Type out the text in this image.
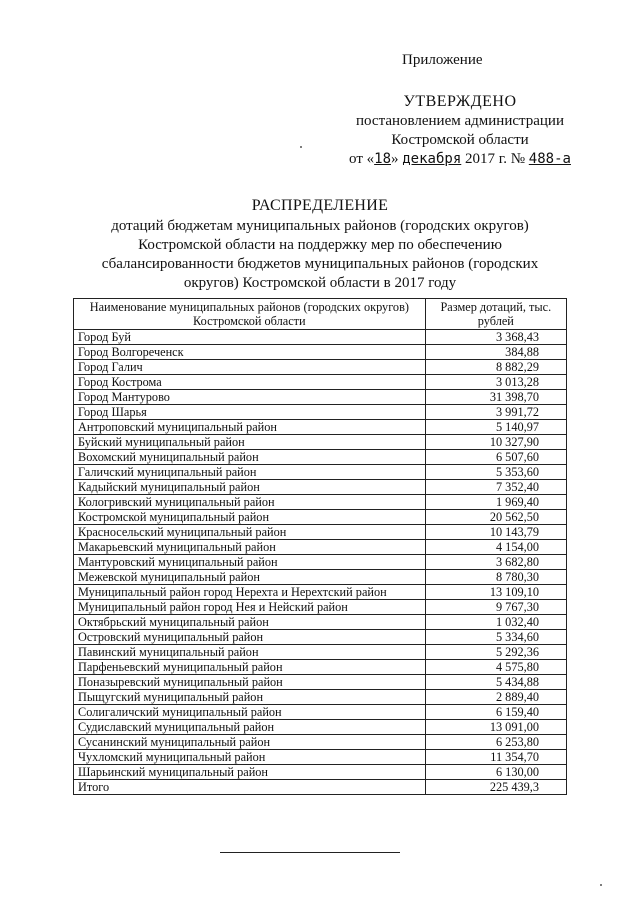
Приложение
УТВЕРЖДЕНО
постановлением администрации
Костромской области
от «18» декабря 2017 г. № 488-а
РАСПРЕДЕЛЕНИЕ
дотаций бюджетам муниципальных районов (городских округов)
Костромской области на поддержку мер по обеспечению
сбалансированности бюджетов муниципальных районов (городских
округов) Костромской области в 2017 году
Наименование муниципальных районов (городских округов) Костромской области	Размер дотаций, тыс. рублей
Город Буй	3 368,43
Город Волгореченск	384,88
Город Галич	8 882,29
Город Кострома	3 013,28
Город Мантурово	31 398,70
Город Шарья	3 991,72
Антроповский муниципальный район	5 140,97
Буйский муниципальный район	10 327,90
Вохомский муниципальный район	6 507,60
Галичский муниципальный район	5 353,60
Кадыйский муниципальный район	7 352,40
Кологривский муниципальный район	1 969,40
Костромской муниципальный район	20 562,50
Красносельский муниципальный район	10 143,79
Макарьевский муниципальный район	4 154,00
Мантуровский муниципальный район	3 682,80
Межевской муниципальный район	8 780,30
Муниципальный район город Нерехта и Нерехтский район	13 109,10
Муниципальный район город Нея и Нейский район	9 767,30
Октябрьский муниципальный район	1 032,40
Островский муниципальный район	5 334,60
Павинский муниципальный район	5 292,36
Парфеньевский муниципальный район	4 575,80
Поназыревский муниципальный район	5 434,88
Пыщугский муниципальный район	2 889,40
Солигаличский муниципальный район	6 159,40
Судиславский муниципальный район	13 091,00
Сусанинский муниципальный район	6 253,80
Чухломский муниципальный район	11 354,70
Шарьинский муниципальный район	6 130,00
Итого	225 439,3
